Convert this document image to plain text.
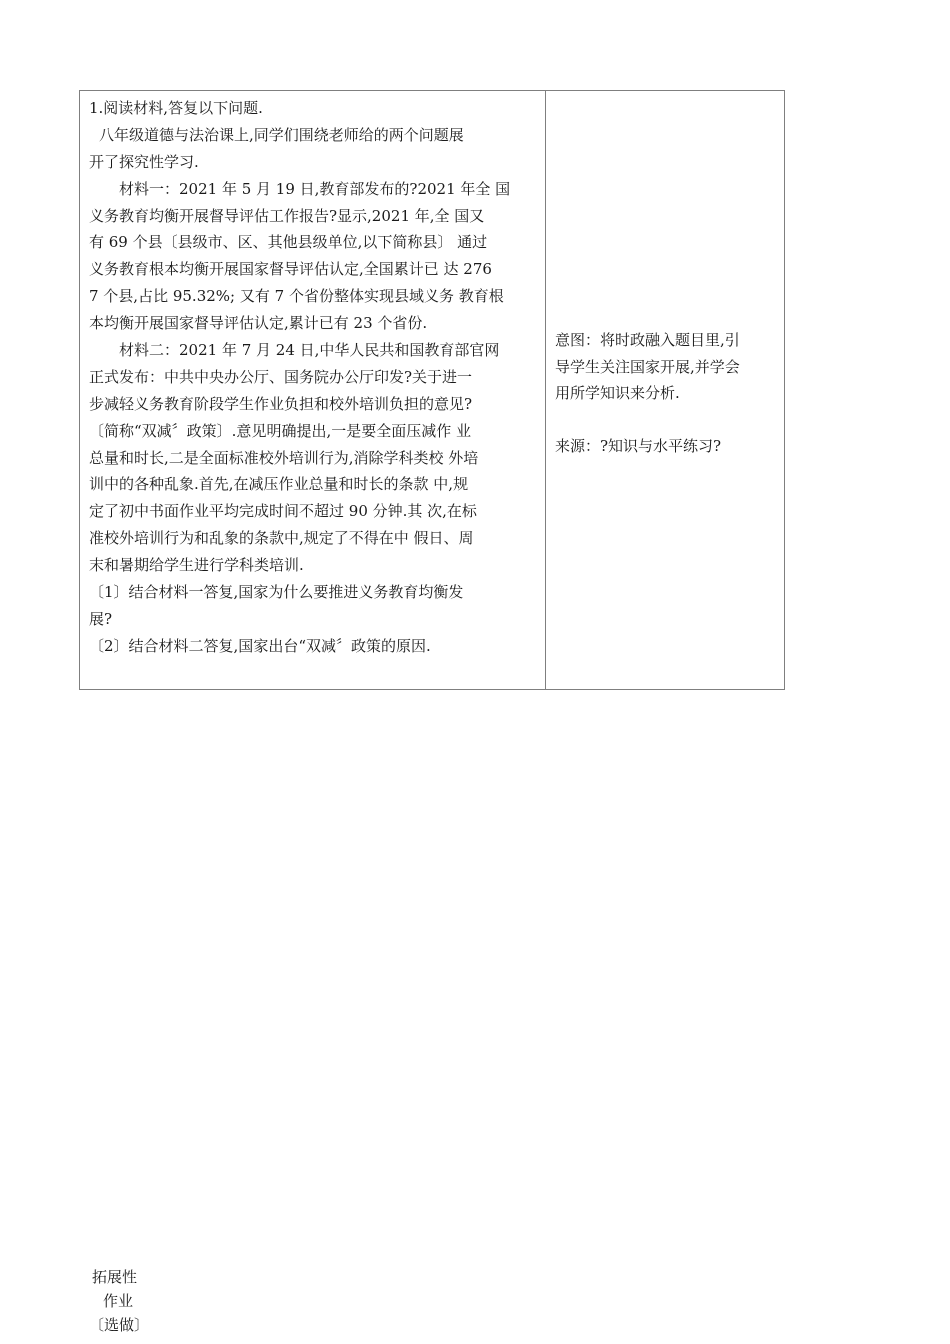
1.阅读材料,答复以下问题.
八年级道德与法治课上,同学们围绕老师给的两个问题展
开了探究性学习.
材料一：2021 年 5 月 19 日,教育部发布的?2021 年全 国
义务教育均衡开展督导评估工作报告?显示,2021 年,全 国又
有 69 个县〔县级市、区、其他县级单位,以下简称县〕 通过
义务教育根本均衡开展国家督导评估认定,全国累计已 达 276
7 个县,占比 95.32%; 又有 7 个省份整体实现县域义务 教育根
本均衡开展国家督导评估认定,累计已有 23 个省份.
材料二：2021 年 7 月 24 日,中华人民共和国教育部官网
正式发布：中共中央办公厅、国务院办公厅印发?关于进一
步减轻义务教育阶段学生作业负担和校外培训负担的意见?
〔简称“双减〞政策〕.意见明确提出,一是要全面压减作 业
总量和时长,二是全面标准校外培训行为,消除学科类校 外培
训中的各种乱象.首先,在减压作业总量和时长的条款 中,规
定了初中书面作业平均完成时间不超过 90 分钟.其 次,在标
准校外培训行为和乱象的条款中,规定了不得在中 假日、周
末和暑期给学生进行学科类培训.
〔1〕结合材料一答复,国家为什么要推进义务教育均衡发
展?
〔2〕结合材料二答复,国家出台“双减〞政策的原因.
意图：将时政融入题目里,引
导学生关注国家开展,并学会
用所学知识来分析.
来源：?知识与水平练习?
拓展性
作业
〔选做〕
